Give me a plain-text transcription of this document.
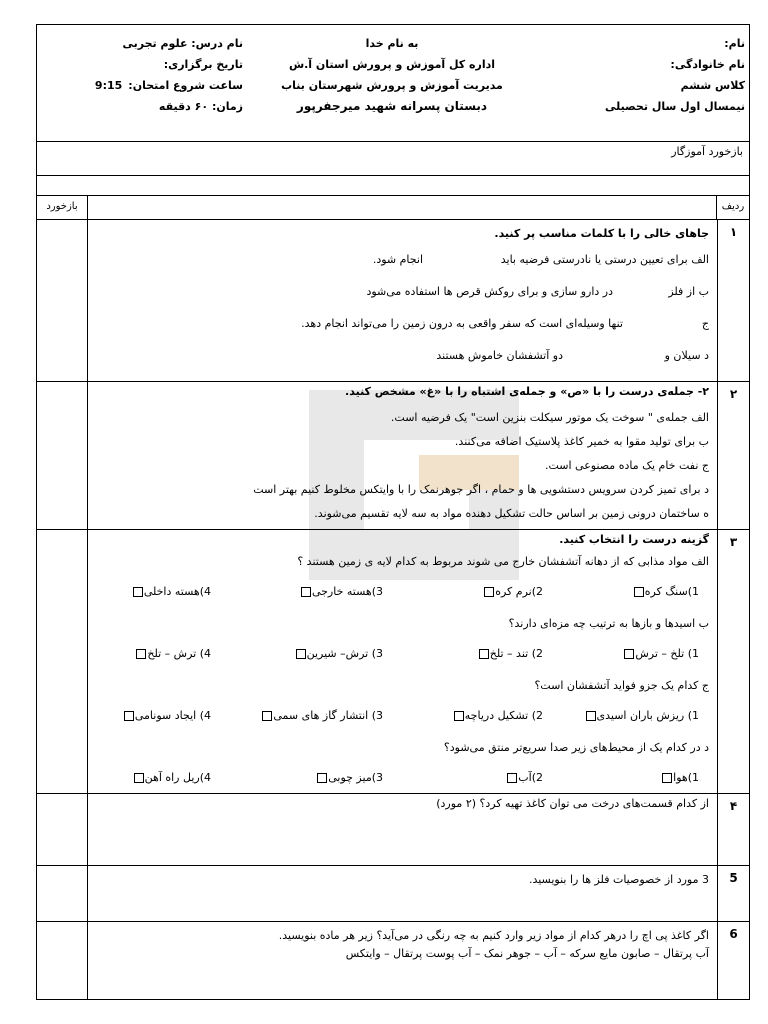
نام:
نام خانوادگی:
کلاس ششم
نیمسال اول سال تحصیلی
به نام خدا
اداره کل آموزش و پرورش استان آ.ش
مدیریت آموزش و پرورش شهرستان بناب
دبستان پسرانه شهید میرجفرپور
نام درس: علوم تجربی
تاریخ برگزاری:
ساعت شروع امتحان:9:15
زمان: ۶۰ دقیقه
بازخورد آموزگار
ردیف
بازخورد
۱
جاهای خالی را با کلمات مناسب پر کنید.
الف برای تعیین درستی یا نادرستی فرضیه باید
انجام شود.
ب از فلز
در دارو سازی و برای روکش قرص ها استفاده می‌شود
ج
تنها وسیله‌ای است که سفر واقعی به درون زمین را می‌تواند انجام دهد.
د سیلان و
دو آتشفشان خاموش هستند
۲
۲- جمله‌ی درست را با «ص» و جمله‌ی اشتباه را با «غ» مشخص کنید.
الف جمله‌ی " سوخت یک موتور سیکلت بنزین است" یک فرضیه است.
ب برای تولید مقوا به خمیر کاغذ پلاستیک اضافه می‌کنند.
ج نفت خام یک ماده مصنوعی است.
د برای تمیز کردن سرویس دستشویی ها و حمام ، اگر جوهرنمک را با وایتکس مخلوط کنیم بهتر است
ه ساختمان درونی زمین بر اساس حالت تشکیل دهنده مواد به سه لایه تقسیم می‌شوند.
۳
گزینه درست را انتخاب کنید.
الف مواد مذابی که از دهانه آتشفشان خارج می شوند مربوط به کدام لایه ی زمین هستند ؟
1)سنگ کره
2)نرم کره
3)هسته خارجی
4)هسته داخلی
ب اسیدها و بازها به ترتیب چه مزه‌ای دارند؟
1) تلخ – ترش
2) تند – تلخ
3) ترش– شیرین
4) ترش – تلخ
ج کدام یک جزو فواید آتشفشان است؟
1) ریزش باران اسیدی
2) تشکیل دریاچه
3) انتشار گاز های سمی
4) ایجاد سونامی
د در کدام یک از محیط‌های زیر صدا سریع‌تر منتق می‌شود؟
1)هوا
2)آب
3)میز چوبی
4)ریل راه آهن
۴
از کدام قسمت‌های درخت می توان کاغذ تهیه کرد؟ (۲ مورد)
5
3 مورد از خصوصیات فلز ها را بنویسید.
6
اگر کاغذ پی اچ را درهر کدام از مواد زیر وارد کنیم به چه رنگی در می‌آید؟ زیر هر ماده بنویسید.
آب پرتقال – صابون مایع سرکه – آب – جوهر نمک – آب پوست پرتقال – وایتکس
